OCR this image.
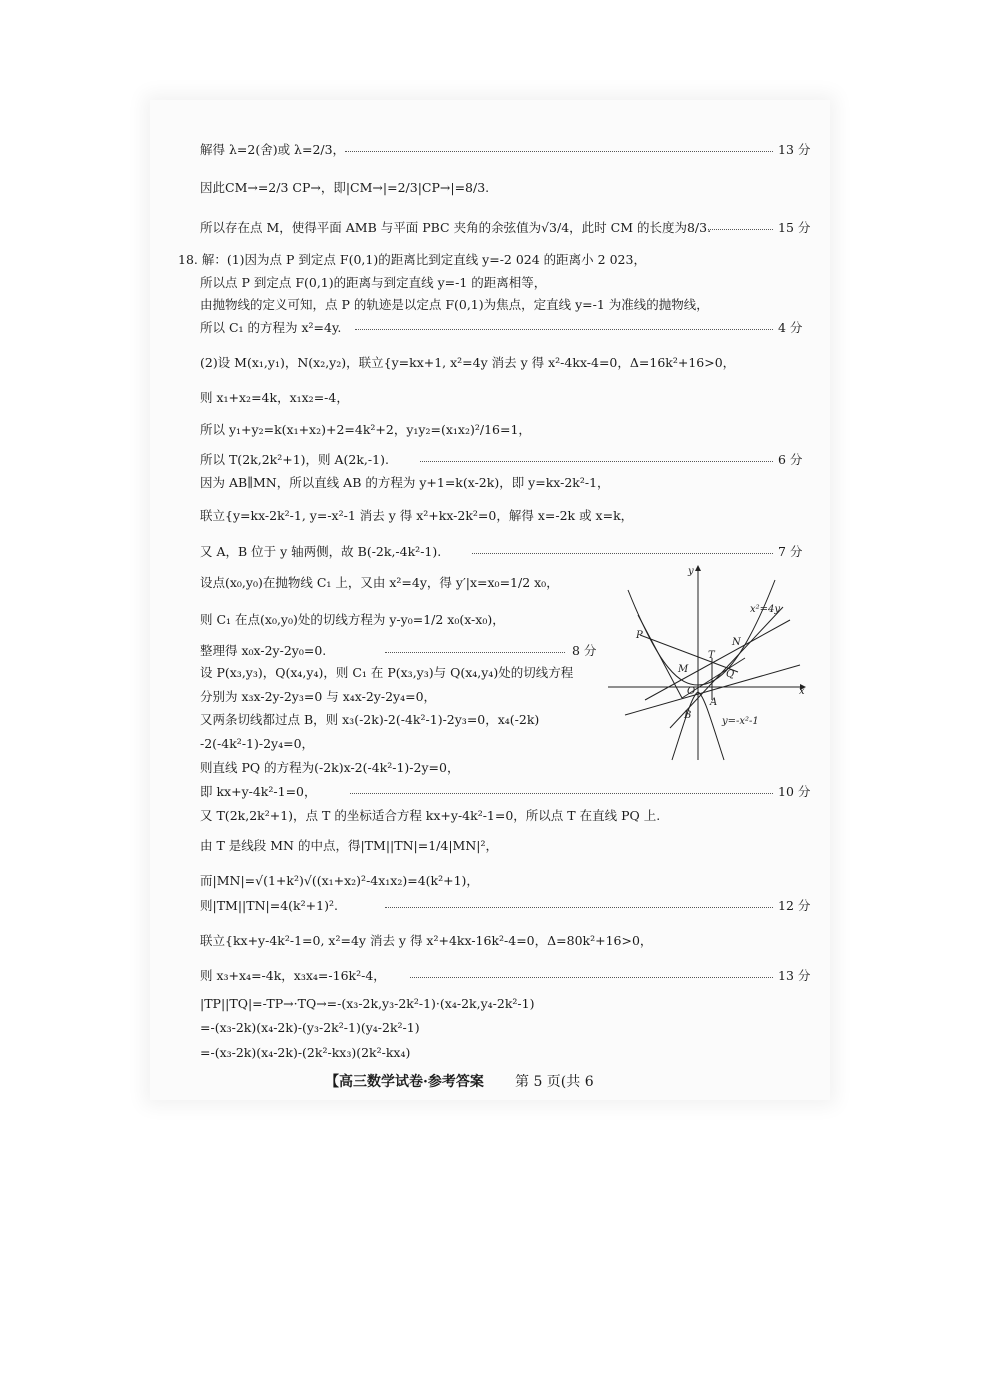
解得 λ=2(舍)或 λ=2/3，	13 分
因此CM→=2/3 CP→，即|CM→|=2/3|CP→|=8/3.
所以存在点 M，使得平面 AMB 与平面 PBC 夹角的余弦值为√3/4，此时 CM 的长度为8/3.	15 分
18. 解：(1)因为点 P 到定点 F(0,1)的距离比到定直线 y=-2 024 的距离小 2 023，
所以点 P 到定点 F(0,1)的距离与到定直线 y=-1 的距离相等，
由抛物线的定义可知，点 P 的轨迹是以定点 F(0,1)为焦点，定直线 y=-1 为准线的抛物线，
所以 C₁ 的方程为 x²=4y.	4 分
(2)设 M(x₁,y₁)，N(x₂,y₂)，联立{y=kx+1, x²=4y 消去 y 得 x²-4kx-4=0，Δ=16k²+16>0，
则 x₁+x₂=4k，x₁x₂=-4，
所以 y₁+y₂=k(x₁+x₂)+2=4k²+2，y₁y₂=(x₁x₂)²/16=1，
所以 T(2k,2k²+1)，则 A(2k,-1).	6 分
因为 AB∥MN，所以直线 AB 的方程为 y+1=k(x-2k)，即 y=kx-2k²-1，
联立{y=kx-2k²-1, y=-x²-1 消去 y 得 x²+kx-2k²=0，解得 x=-2k 或 x=k，
又 A，B 位于 y 轴两侧，故 B(-2k,-4k²-1).	7 分
设点(x₀,y₀)在抛物线 C₁ 上，又由 x²=4y，得 y′|x=x₀=1/2 x₀，
则 C₁ 在点(x₀,y₀)处的切线方程为 y-y₀=1/2 x₀(x-x₀)，
整理得 x₀x-2y-2y₀=0.	8 分
设 P(x₃,y₃)，Q(x₄,y₄)，则 C₁ 在 P(x₃,y₃)与 Q(x₄,y₄)处的切线方程
分别为 x₃x-2y-2y₃=0 与 x₄x-2y-2y₄=0，
又两条切线都过点 B，则 x₃(-2k)-2(-4k²-1)-2y₃=0，x₄(-2k)
-2(-4k²-1)-2y₄=0，
则直线 PQ 的方程为(-2k)x-2(-4k²-1)-2y=0，
即 kx+y-4k²-1=0，	10 分
又 T(2k,2k²+1)，点 T 的坐标适合方程 kx+y-4k²-1=0，所以点 T 在直线 PQ 上.
由 T 是线段 MN 的中点，得|TM||TN|=1/4|MN|²，
而|MN|=√(1+k²)√((x₁+x₂)²-4x₁x₂)=4(k²+1)，
则|TM||TN|=4(k²+1)².	12 分
联立{kx+y-4k²-1=0, x²=4y 消去 y 得 x²+4kx-16k²-4=0，Δ=80k²+16>0，
则 x₃+x₄=-4k，x₃x₄=-16k²-4，	13 分
|TP||TQ|=-TP→·TQ→=-(x₃-2k,y₃-2k²-1)·(x₄-2k,y₄-2k²-1)
=-(x₃-2k)(x₄-2k)-(y₃-2k²-1)(y₄-2k²-1)
=-(x₃-2k)(x₄-2k)-(2k²-kx₃)(2k²-kx₄)
y
x
x²=4y
y=-x²-1
P
N
T
M	Q
O
A
B
【高三数学试卷·参考答案 第 5 页(共 6
